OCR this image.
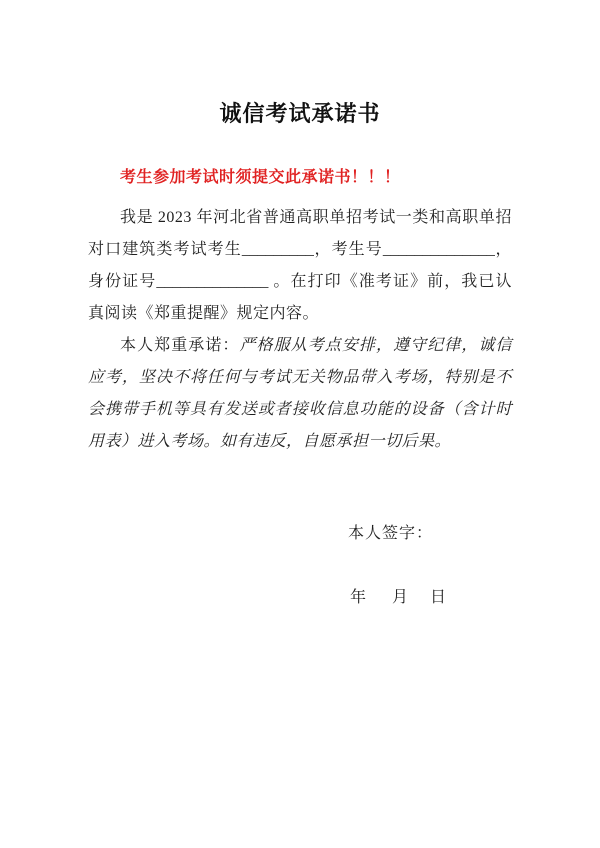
诚信考试承诺书

考生参加考试时须提交此承诺书！！！

我是 2023 年河北省普通高职单招考试一类和高职单招对口建筑类考试考生_________，考生号______________，身份证号______________ 。在打印《准考证》前，我已认真阅读《郑重提醒》规定内容。

本人郑重承诺：严格服从考点安排，遵守纪律，诚信应考，坚决不将任何与考试无关物品带入考场，特别是不会携带手机等具有发送或者接收信息功能的设备（含计时用表）进入考场。如有违反，自愿承担一切后果。

本人签字：
年 月 日
